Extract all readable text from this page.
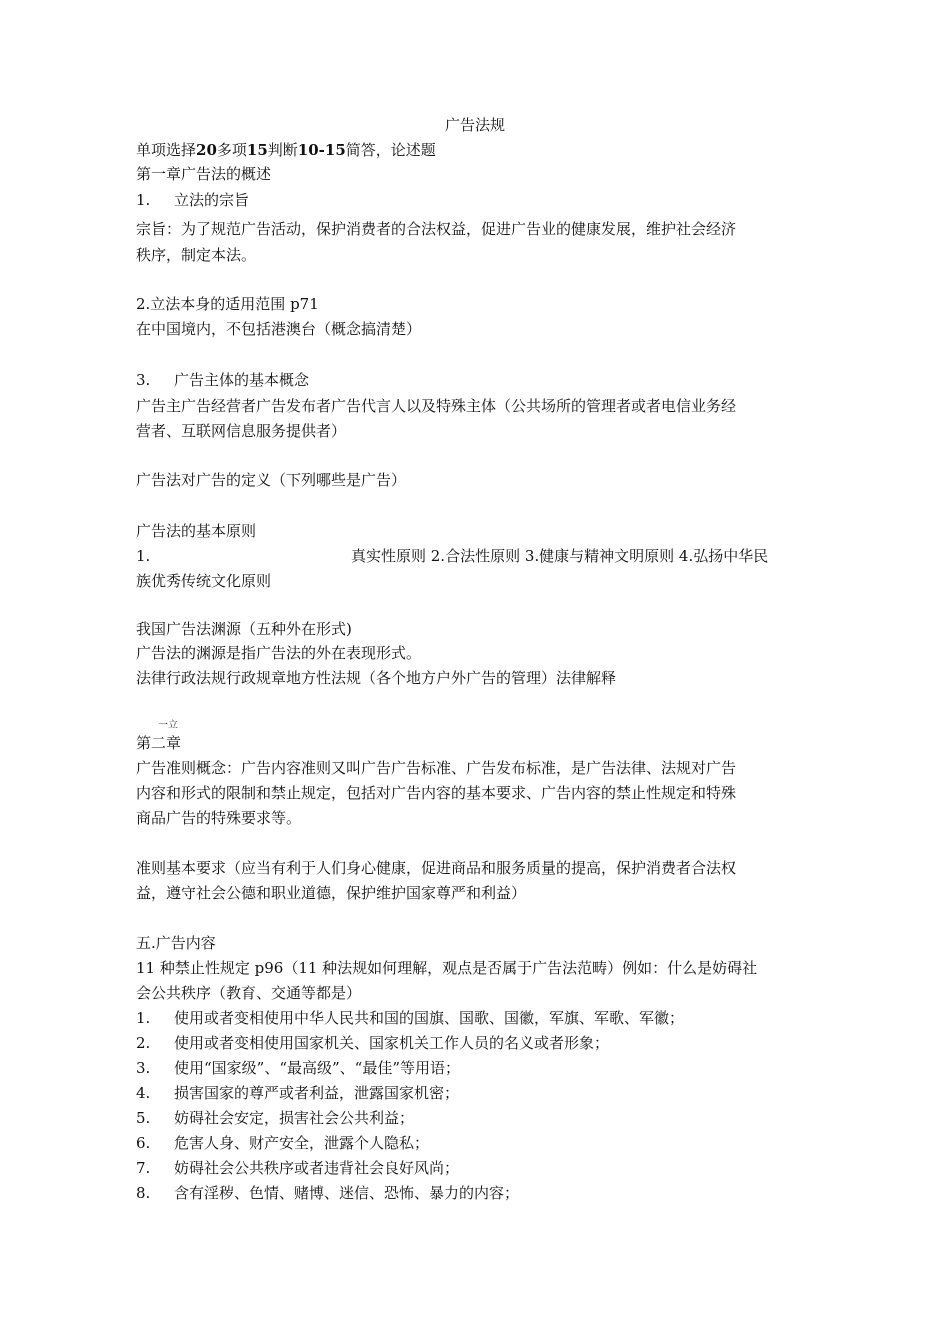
广告法规
单项选择20多项15判断10-15简答，论述题
第一章广告法的概述
1. 立法的宗旨
宗旨：为了规范广告活动，保护消费者的合法权益，促进广告业的健康发展，维护社会经济
秩序，制定本法。
2.立法本身的适用范围 p71
在中国境内，不包括港澳台（概念搞清楚）
3. 广告主体的基本概念
广告主广告经营者广告发布者广告代言人以及特殊主体（公共场所的管理者或者电信业务经
营者、互联网信息服务提供者）
广告法对广告的定义（下列哪些是广告）
广告法的基本原则
1.	真实性原则 2.合法性原则 3.健康与精神文明原则 4.弘扬中华民
族优秀传统文化原则
我国广告法渊源（五种外在形式)
广告法的渊源是指广告法的外在表现形式。
法律行政法规行政规章地方性法规（各个地方户外广告的管理）法律解释
一立
第二章
广告准则概念：广告内容准则又叫广告广告标准、广告发布标准，是广告法律、法规对广告
内容和形式的限制和禁止规定，包括对广告内容的基本要求、广告内容的禁止性规定和特殊
商品广告的特殊要求等。
准则基本要求（应当有利于人们身心健康，促进商品和服务质量的提高，保护消费者合法权
益，遵守社会公德和职业道德，保护维护国家尊严和利益）
五.广告内容
11 种禁止性规定 p96（11 种法规如何理解，观点是否属于广告法范畴）例如：什么是妨碍社
会公共秩序（教育、交通等都是）
1. 使用或者变相使用中华人民共和国的国旗、国歌、国徽，军旗、军歌、军徽；
2. 使用或者变相使用国家机关、国家机关工作人员的名义或者形象；
3. 使用“国家级”、“最高级”、“最佳”等用语；
4. 损害国家的尊严或者利益，泄露国家机密；
5. 妨碍社会安定，损害社会公共利益；
6. 危害人身、财产安全，泄露个人隐私；
7. 妨碍社会公共秩序或者违背社会良好风尚；
8. 含有淫秽、色情、赌博、迷信、恐怖、暴力的内容；
